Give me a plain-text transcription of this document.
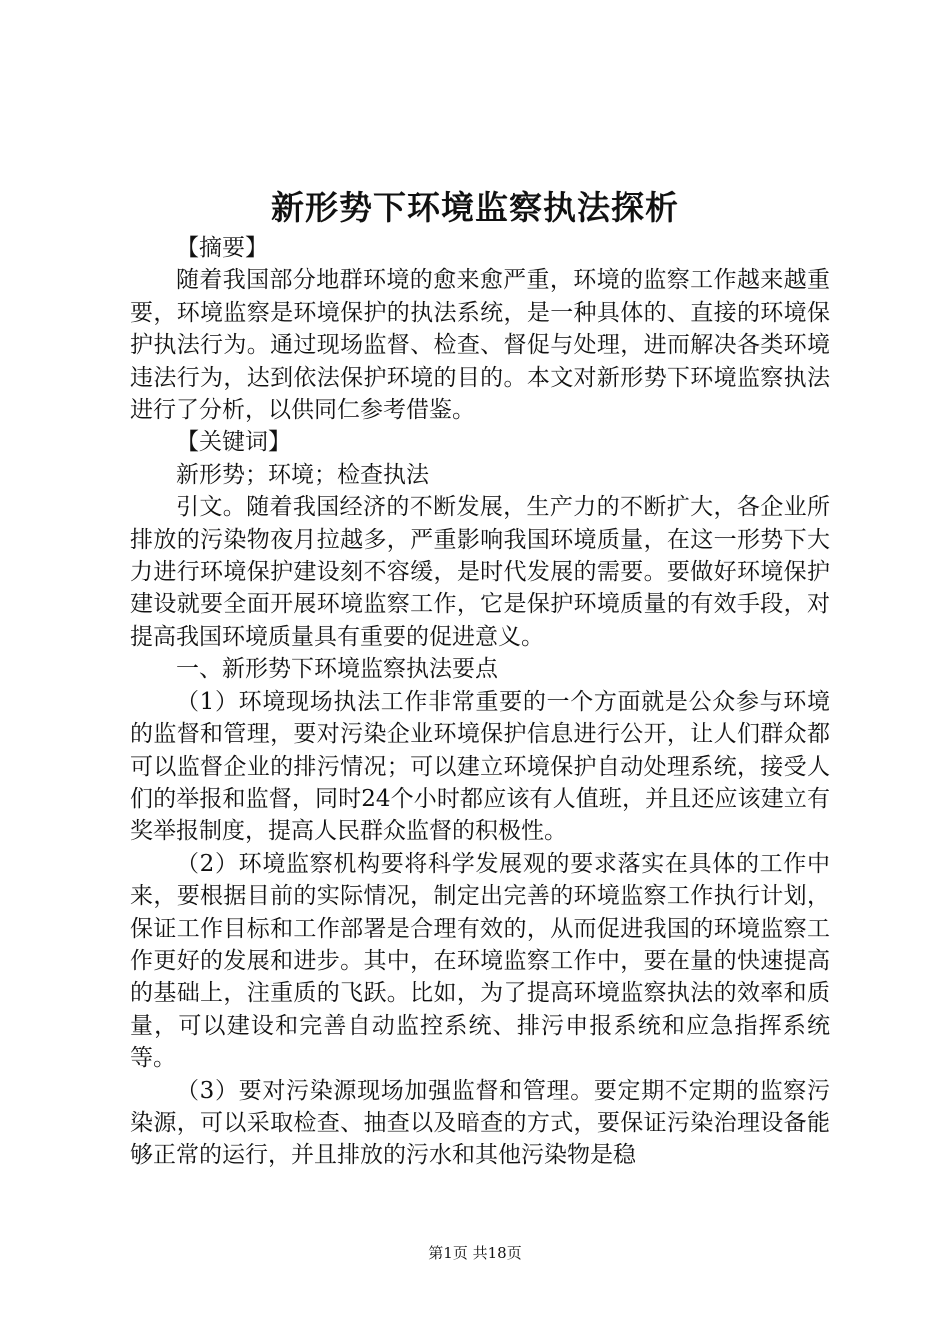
新形势下环境监察执法探析

【摘要】

随着我国部分地群环境的愈来愈严重，环境的监察工作越来越重要，环境监察是环境保护的执法系统，是一种具体的、直接的环境保护执法行为。通过现场监督、检查、督促与处理，进而解决各类环境违法行为，达到依法保护环境的目的。本文对新形势下环境监察执法进行了分析，以供同仁参考借鉴。

【关键词】

新形势；环境；检查执法

引文。随着我国经济的不断发展，生产力的不断扩大，各企业所排放的污染物夜月拉越多，严重影响我国环境质量，在这一形势下大力进行环境保护建设刻不容缓，是时代发展的需要。要做好环境保护建设就要全面开展环境监察工作，它是保护环境质量的有效手段，对提高我国环境质量具有重要的促进意义。

一、新形势下环境监察执法要点

（1）环境现场执法工作非常重要的一个方面就是公众参与环境的监督和管理，要对污染企业环境保护信息进行公开，让人们群众都可以监督企业的排污情况；可以建立环境保护自动处理系统，接受人们的举报和监督，同时24个小时都应该有人值班，并且还应该建立有奖举报制度，提高人民群众监督的积极性。

（2）环境监察机构要将科学发展观的要求落实在具体的工作中来，要根据目前的实际情况，制定出完善的环境监察工作执行计划，保证工作目标和工作部署是合理有效的，从而促进我国的环境监察工作更好的发展和进步。其中，在环境监察工作中，要在量的快速提高的基础上，注重质的飞跃。比如，为了提高环境监察执法的效率和质量，可以建设和完善自动监控系统、排污申报系统和应急指挥系统等。

（3）要对污染源现场加强监督和管理。要定期不定期的监察污染源，可以采取检查、抽查以及暗查的方式，要保证污染治理设备能够正常的运行，并且排放的污水和其他污染物是稳

第1页 共18页
